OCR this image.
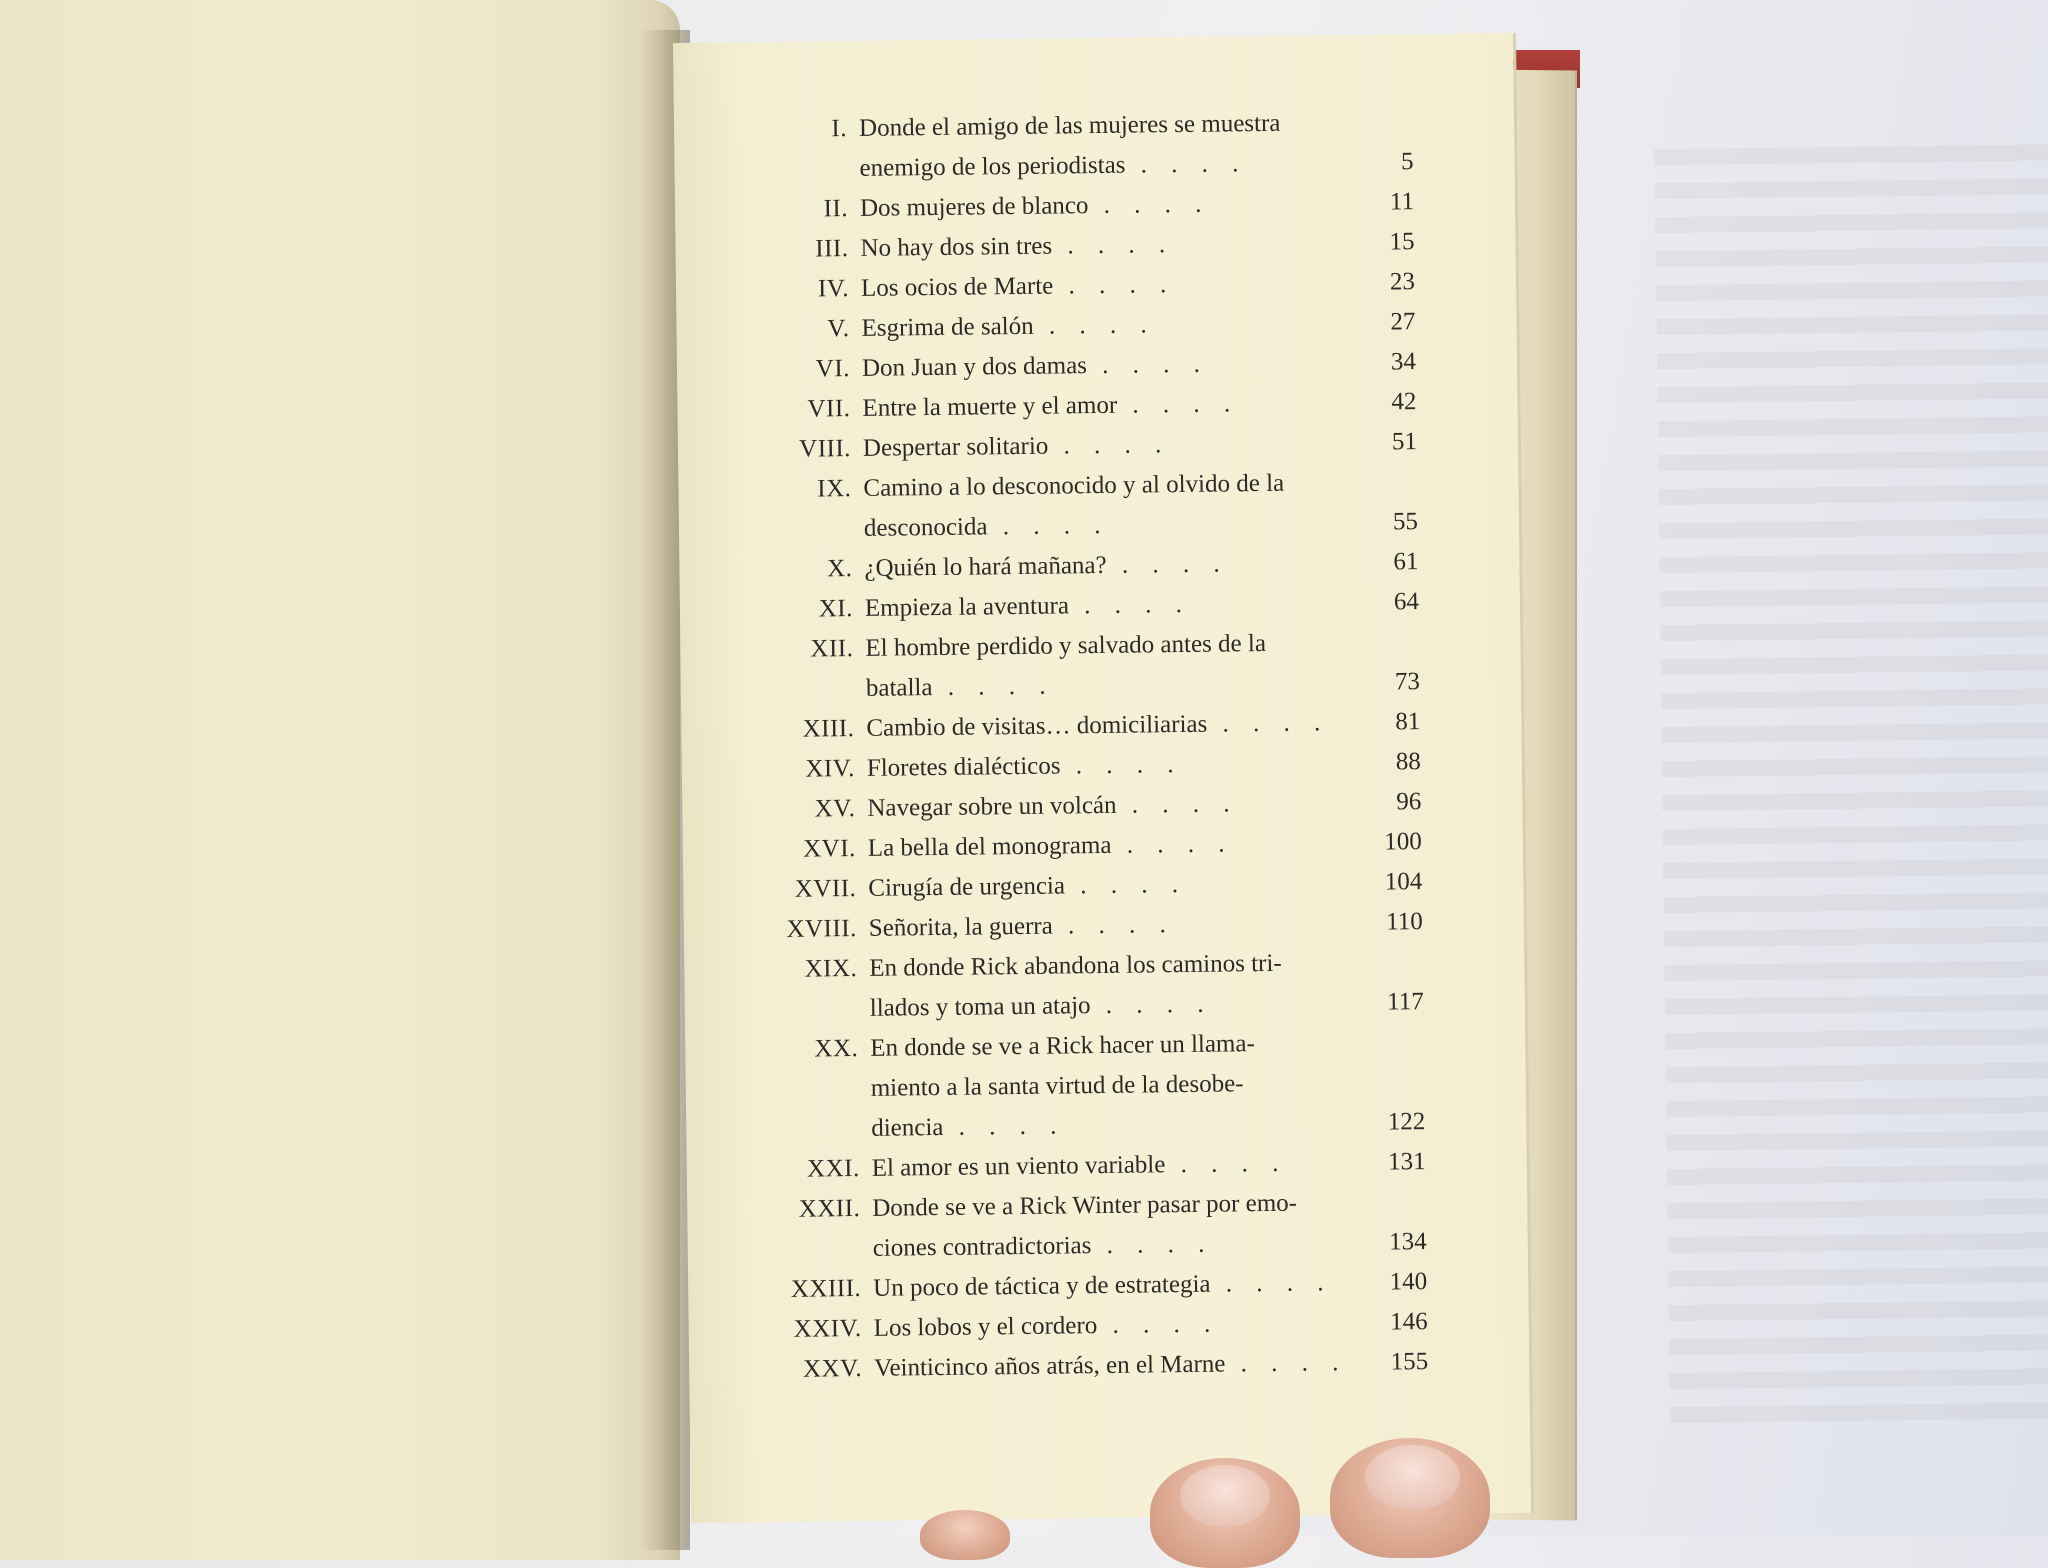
I. Donde el amigo de las mujeres se muestra
enemigo de los periodistas . . . .	5
II. Dos mujeres de blanco . . . .	11
III. No hay dos sin tres . . . .	15
IV. Los ocios de Marte . . . .	23
V. Esgrima de salón . . . .	27
VI. Don Juan y dos damas . . . .	34
VII. Entre la muerte y el amor . . . .	42
VIII. Despertar solitario . . . .	51
IX. Camino a lo desconocido y al olvido de la
desconocida . . . .	55
X. ¿Quién lo hará mañana? . . . .	61
XI. Empieza la aventura . . . .	64
XII. El hombre perdido y salvado antes de la
batalla . . . .	73
XIII. Cambio de visitas… domiciliarias . . . .	81
XIV. Floretes dialécticos . . . .	88
XV. Navegar sobre un volcán . . . .	96
XVI. La bella del monograma . . . .	100
XVII. Cirugía de urgencia . . . .	104
XVIII. Señorita, la guerra . . . .	110
XIX. En donde Rick abandona los caminos tri-
llados y toma un atajo . . . .	117
XX. En donde se ve a Rick hacer un llama-
miento a la santa virtud de la desobe-
diencia . . . .	122
XXI. El amor es un viento variable . . . .	131
XXII. Donde se ve a Rick Winter pasar por emo-
ciones contradictorias . . . .	134
XXIII. Un poco de táctica y de estrategia . . . .	140
XXIV. Los lobos y el cordero . . . .	146
XXV. Veinticinco años atrás, en el Marne . . . .	155
